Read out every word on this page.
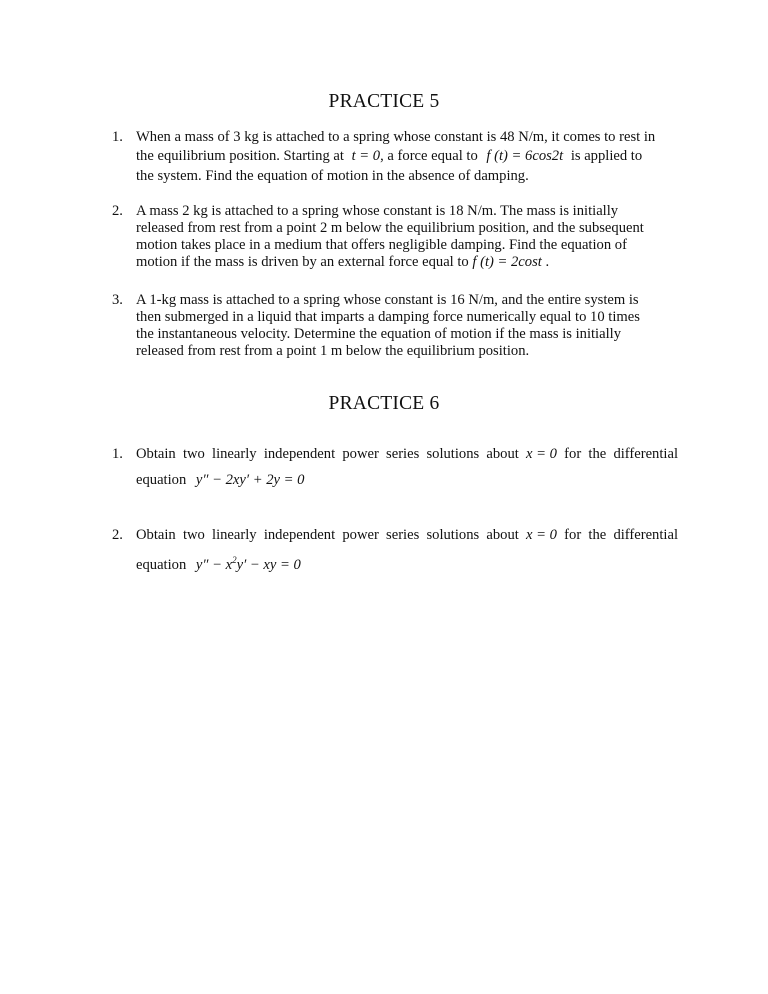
PRACTICE 5
1. When a mass of 3 kg is attached to a spring whose constant is 48 N/m, it comes to rest in
the equilibrium position. Starting at t = 0, a force equal to f (t) = 6cos2t is applied to
the system. Find the equation of motion in the absence of damping.
2. A mass 2 kg is attached to a spring whose constant is 18 N/m. The mass is initially
released from rest from a point 2 m below the equilibrium position, and the subsequent
motion takes place in a medium that offers negligible damping. Find the equation of
motion if the mass is driven by an external force equal to f (t) = 2cost .
3. A 1-kg mass is attached to a spring whose constant is 16 N/m, and the entire system is
then submerged in a liquid that imparts a damping force numerically equal to 10 times
the instantaneous velocity. Determine the equation of motion if the mass is initially
released from rest from a point 1 m below the equilibrium position.
PRACTICE 6
1. Obtain two linearly independent power series solutions about x = 0 for the differential
equation y″ − 2xy′ + 2y = 0
2. Obtain two linearly independent power series solutions about x = 0 for the differential
equation $y'' - x^2y'$ − xy = 0
